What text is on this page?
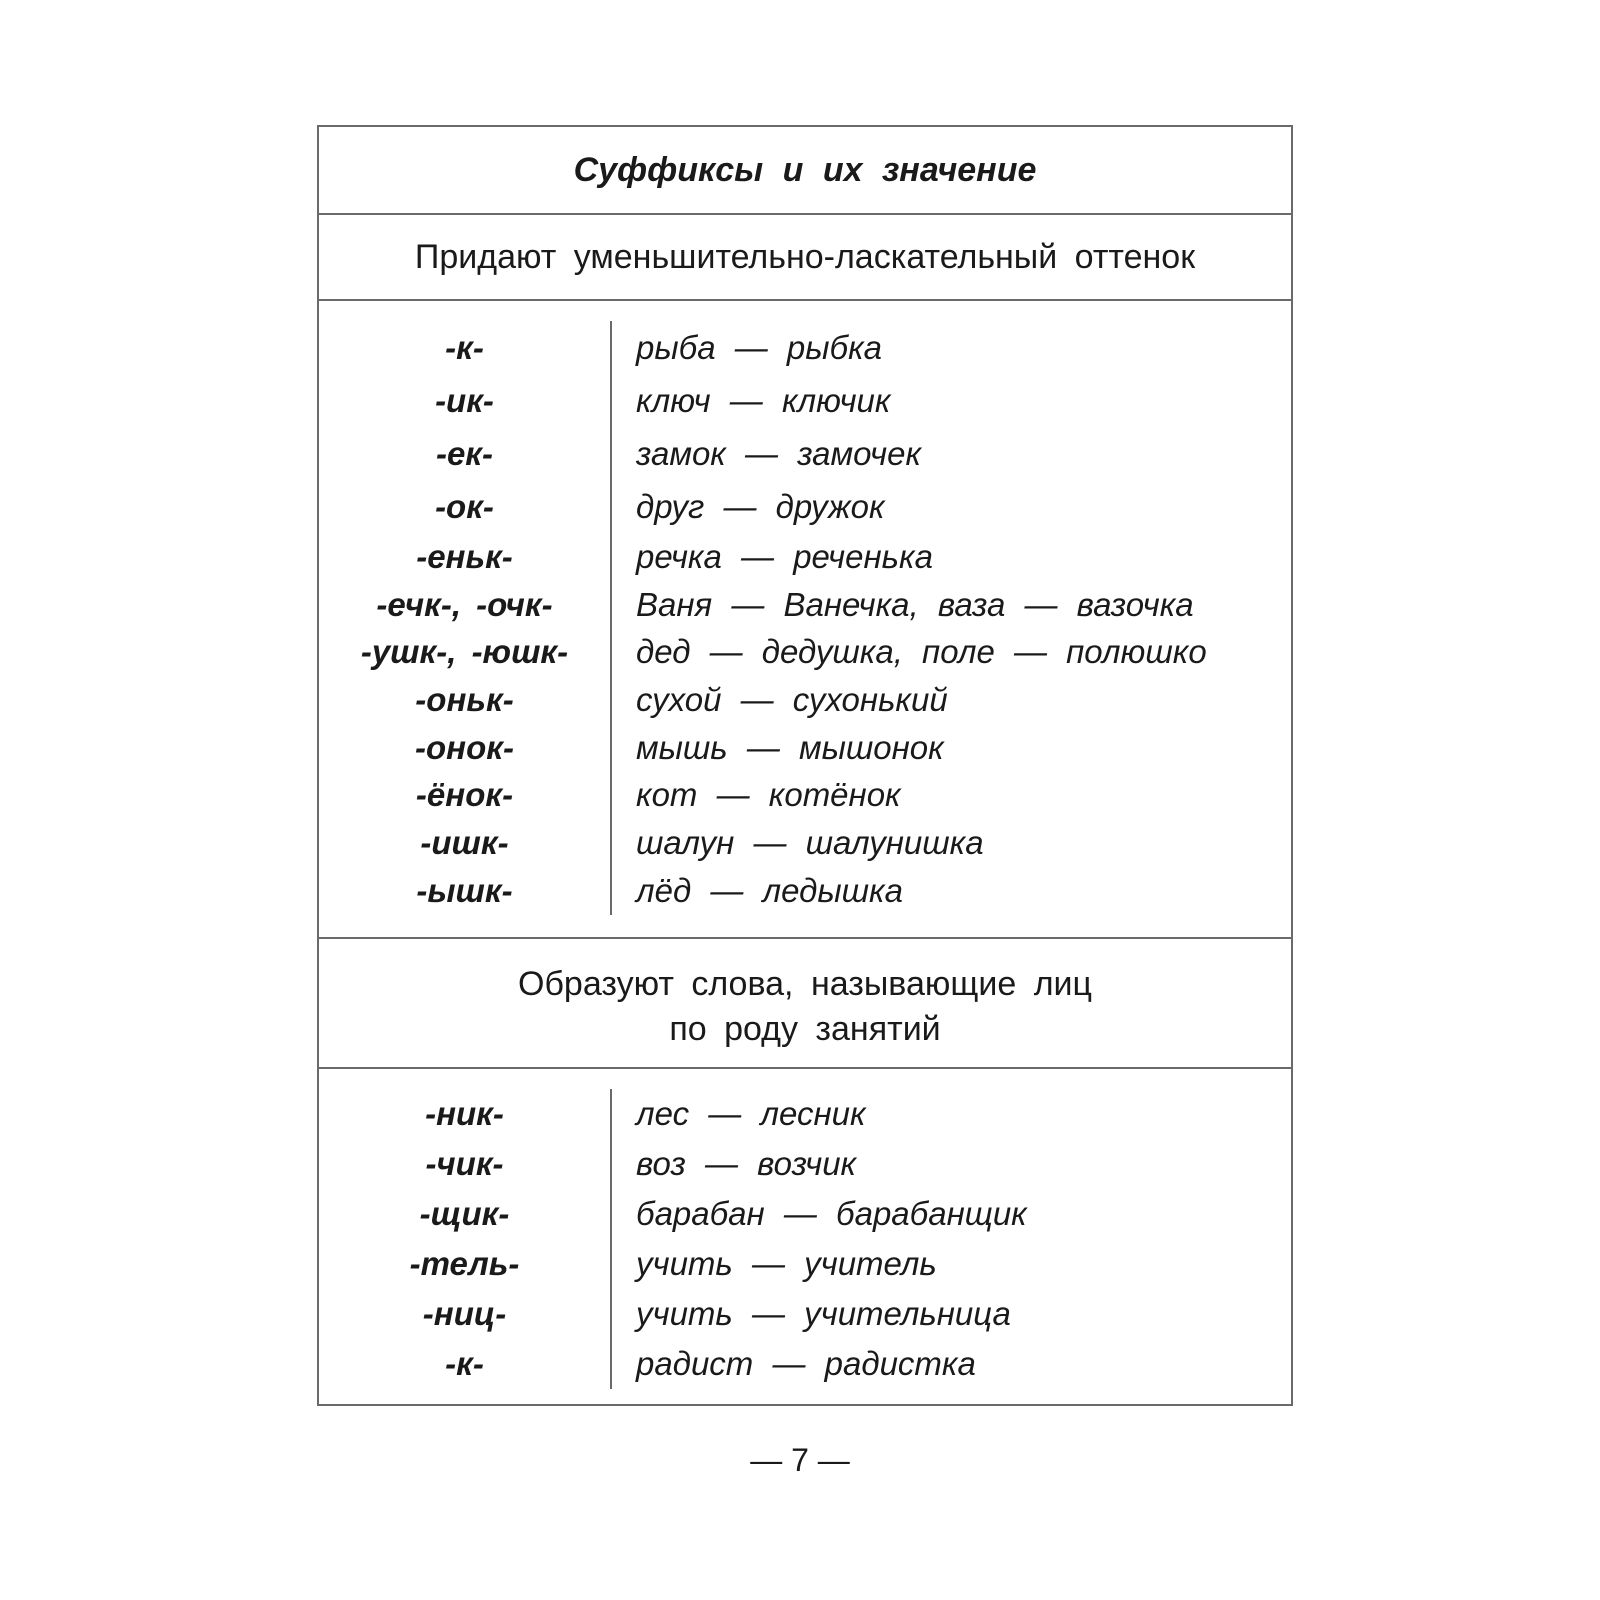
Суффиксы и их значение
Придают уменьшительно-ласкательный оттенок
-к-
-ик-
-ек-
-ок-
-еньк-
-ечк-, -очк-
-ушк-, -юшк-
-оньк-
-онок-
-ёнок-
-ишк-
-ышк-
рыба — рыбка
ключ — ключик
замок — замочек
друг — дружок
речка — реченька
Ваня — Ванечка, ваза — вазочка
дед — дедушка, поле — полюшко
сухой — сухонький
мышь — мышонок
кот — котёнок
шалун — шалунишка
лёд — ледышка
Образуют слова, называющие лиц
по роду занятий
-ник-
-чик-
-щик-
-тель-
-ниц-
-к-
лес — лесник
воз — возчик
барабан — барабанщик
учить — учитель
учить — учительница
радист — радистка
— 7 —
